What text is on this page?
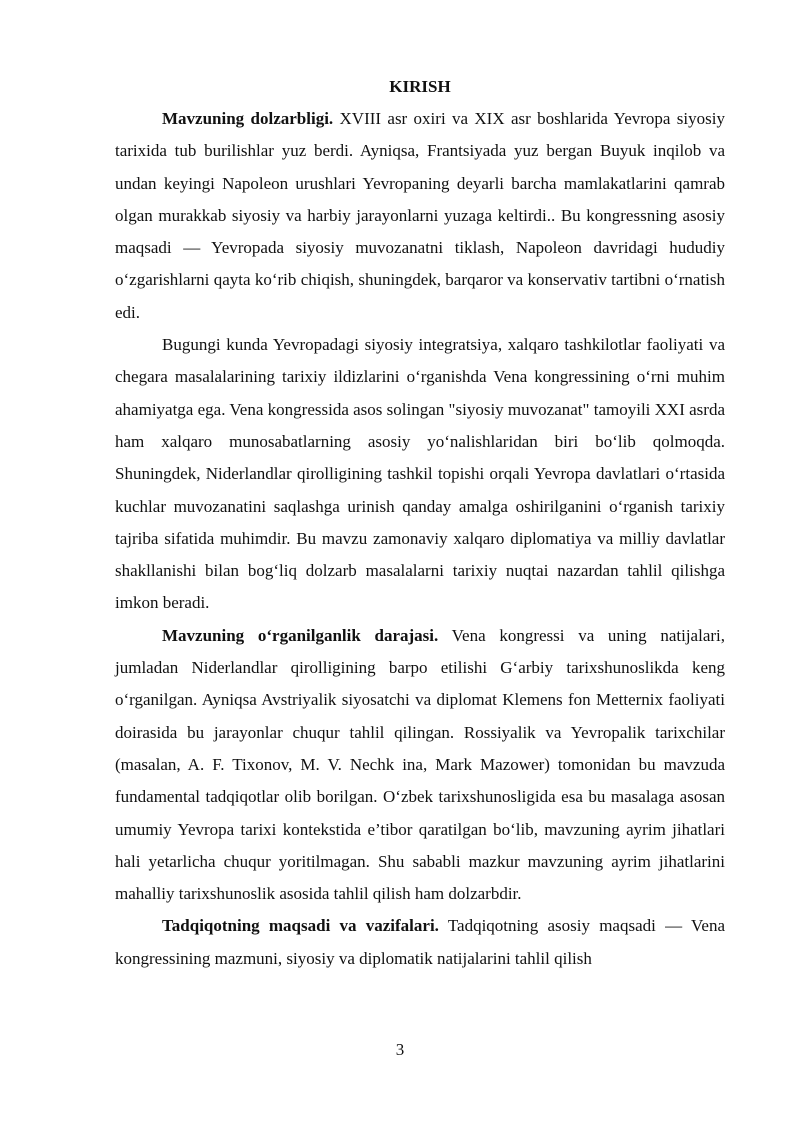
KIRISH

Mavzuning dolzarbligi. XVIII asr oxiri va XIX asr boshlarida Yevropa siyosiy tarixida tub burilishlar yuz berdi. Ayniqsa, Frantsiyada yuz bergan Buyuk inqilob va undan keyingi Napoleon urushlari Yevropaning deyarli barcha mamlakatlarini qamrab olgan murakkab siyosiy va harbiy jarayonlarni yuzaga keltirdi.. Bu kongressning asosiy maqsadi — Yevropada siyosiy muvozanatni tiklash, Napoleon davridagi hududiy o‘zgarishlarni qayta ko‘rib chiqish, shuningdek, barqaror va konservativ tartibni o‘rnatish edi.

Bugungi kunda Yevropadagi siyosiy integratsiya, xalqaro tashkilotlar faoliyati va chegara masalalarining tarixiy ildizlarini o‘rganishda Vena kongressining o‘rni muhim ahamiyatga ega. Vena kongressida asos solingan "siyosiy muvozanat" tamoyili XXI asrda ham xalqaro munosabatlarning asosiy yo‘nalishlaridan biri bo‘lib qolmoqda. Shuningdek, Niderlandlar qirolligining tashkil topishi orqali Yevropa davlatlari o‘rtasida kuchlar muvozanatini saqlashga urinish qanday amalga oshirilganini o‘rganish tarixiy tajriba sifatida muhimdir. Bu mavzu zamonaviy xalqaro diplomatiya va milliy davlatlar shakllanishi bilan bog‘liq dolzarb masalalarni tarixiy nuqtai nazardan tahlil qilishga imkon beradi.

Mavzuning o‘rganilganlik darajasi. Vena kongressi va uning natijalari, jumladan Niderlandlar qirolligining barpo etilishi G‘arbiy tarixshunoslikda keng o‘rganilgan. Ayniqsa Avstriyalik siyosatchi va diplomat Klemens fon Metternix faoliyati doirasida bu jarayonlar chuqur tahlil qilingan. Rossiyalik va Yevropalik tarixchilar (masalan, A. F. Tixonov, M. V. Nechk ina, Mark Mazower) tomonidan bu mavzuda fundamental tadqiqotlar olib borilgan. O‘zbek tarixshunosligida esa bu masalaga asosan umumiy Yevropa tarixi kontekstida e’tibor qaratilgan bo‘lib, mavzuning ayrim jihatlari hali yetarlicha chuqur yoritilmagan. Shu sababli mazkur mavzuning ayrim jihatlarini mahalliy tarixshunoslik asosida tahlil qilish ham dolzarbdir.

Tadqiqotning maqsadi va vazifalari. Tadqiqotning asosiy maqsadi — Vena kongressining mazmuni, siyosiy va diplomatik natijalarini tahlil qilish

3
